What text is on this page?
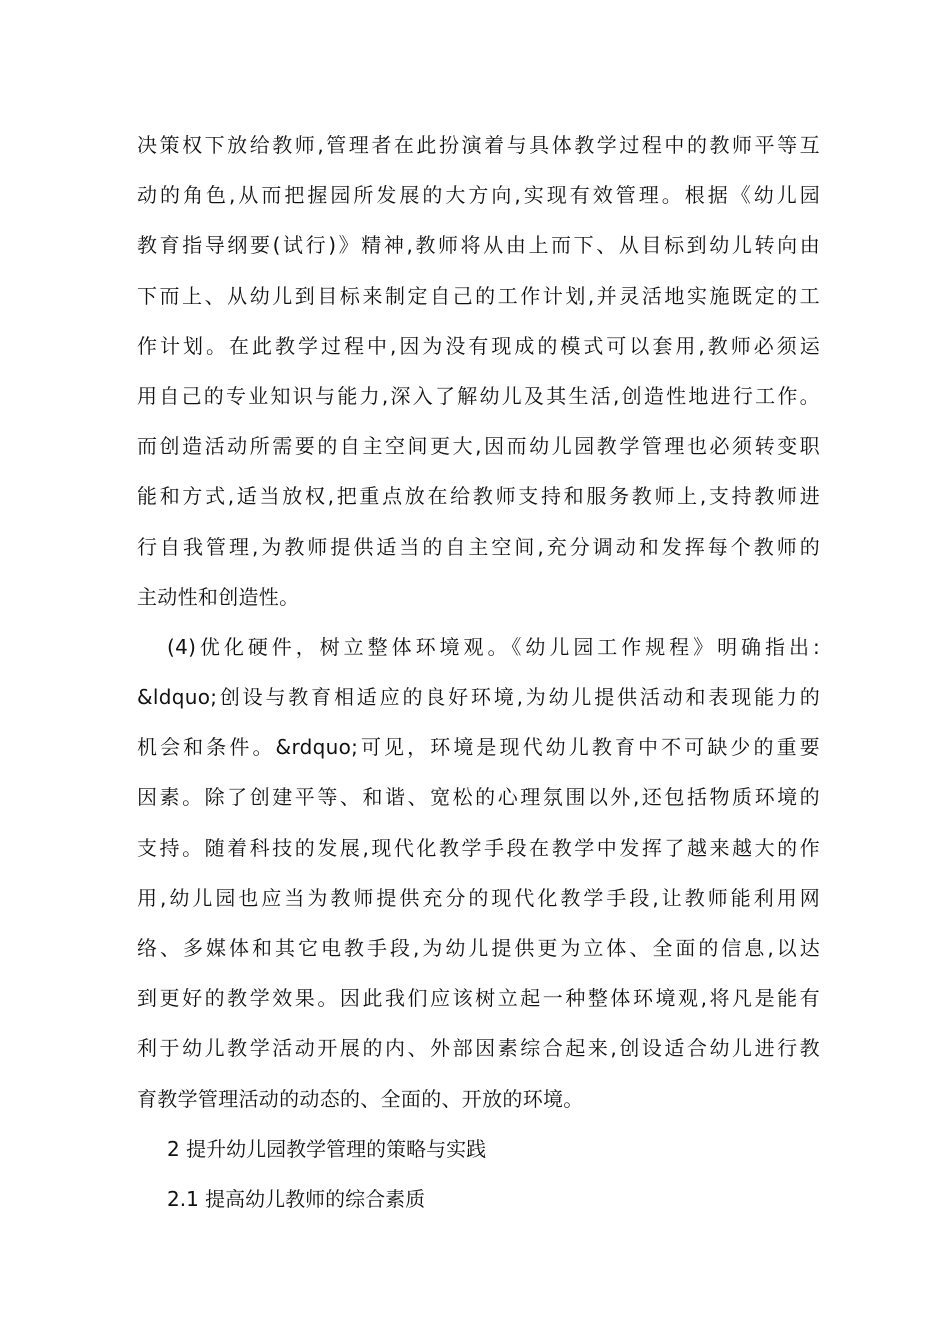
决策权下放给教师,管理者在此扮演着与具体教学过程中的教师平等互
动的角色,从而把握园所发展的大方向,实现有效管理。根据《幼儿园
教育指导纲要(试行)》精神,教师将从由上而下、从目标到幼儿转向由
下而上、从幼儿到目标来制定自己的工作计划,并灵活地实施既定的工
作计划。在此教学过程中,因为没有现成的模式可以套用,教师必须运
用自己的专业知识与能力,深入了解幼儿及其生活,创造性地进行工作。
而创造活动所需要的自主空间更大,因而幼儿园教学管理也必须转变职
能和方式,适当放权,把重点放在给教师支持和服务教师上,支持教师进
行自我管理,为教师提供适当的自主空间,充分调动和发挥每个教师的
主动性和创造性。
(4)优化硬件，树立整体环境观。《幼儿园工作规程》明确指出:
&ldquo;创设与教育相适应的良好环境,为幼儿提供活动和表现能力的
机会和条件。&rdquo;可见，环境是现代幼儿教育中不可缺少的重要
因素。除了创建平等、和谐、宽松的心理氛围以外,还包括物质环境的
支持。随着科技的发展,现代化教学手段在教学中发挥了越来越大的作
用,幼儿园也应当为教师提供充分的现代化教学手段,让教师能利用网
络、多媒体和其它电教手段,为幼儿提供更为立体、全面的信息,以达
到更好的教学效果。因此我们应该树立起一种整体环境观,将凡是能有
利于幼儿教学活动开展的内、外部因素综合起来,创设适合幼儿进行教
育教学管理活动的动态的、全面的、开放的环境。
2 提升幼儿园教学管理的策略与实践
2.1 提高幼儿教师的综合素质
